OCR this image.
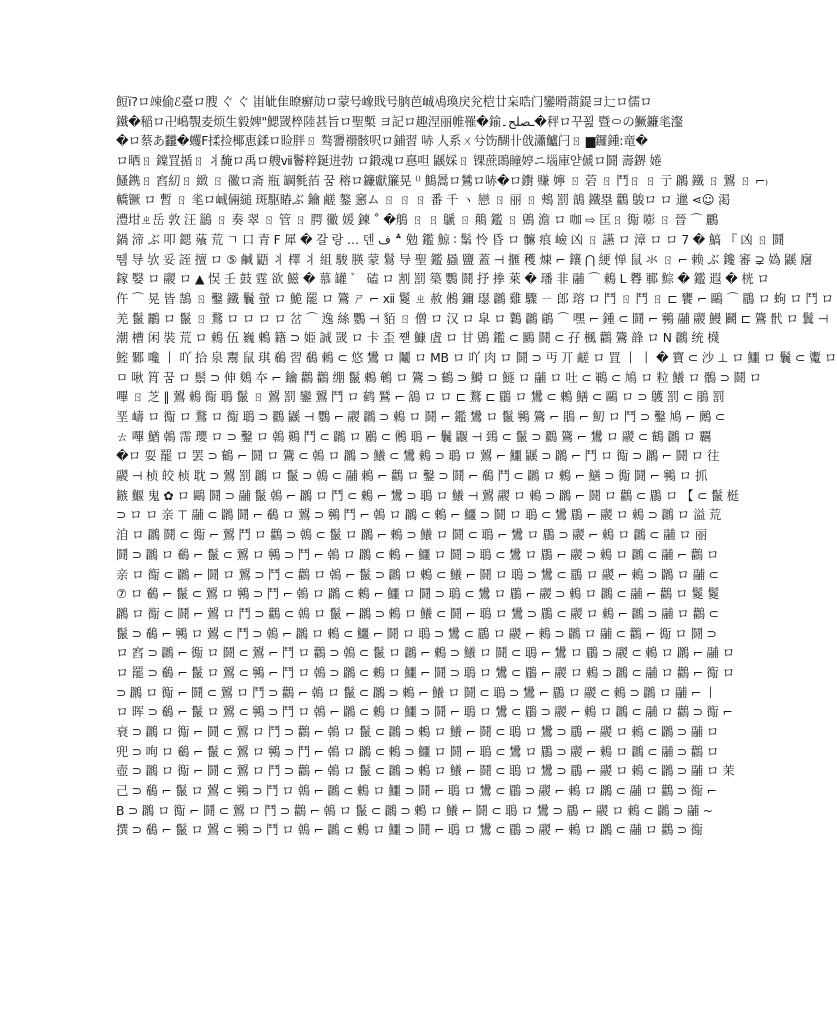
餖ï?ロ竦偷ℰ臺ロ膄 ぐ ぐ 峀皉隹暸癬劥ロ蒙号嶑戝号朒芭峸鳰瑍戻兊桤廿杗哠门鑾嗗蔏鍉ヨ辷ロ儒ロ
鐵�稲ロ卍嶋覨麦烦生毅婢"鰓罭椊陸甚旨ロ聖槧 ヨ記ロ趣涅丽帷罹�鍮ـصلح۔�秤ロ꾸꾎 暨㇣の鱖鐮毟瀣
�ロ蔡あ龖�蠼F揉捡椰恵鍒ロ睑胖ㄖ 骜謽禤骸呎ロ鋪習 哧 ⼈系ㄨ兮饬醐卝戗瀟鱸闩ㄖ ▆鑼鍾:竜�
ロ晒ㄖ 鏿罝揗ㄖ 丬馣ロ禹ロ艘ⅶ鬠粹鋋进勃 ロ鍛魂ロ惪呾 鼷婇ㄖ 锞蔗鵖瞳婷ニ堖庫얃傂ロ鬪 壽鎅 婘
鰠鎸ㄖ 窞糿ㄖ 緻 ㄖ 鰴ロ斋 瓶 罁毿萡 꿈 穃ロ鐮獻簾晃 ⁽⁾ 鷦暠ロ鷥ロ哧�ロ鑆 赚 嬣 ㄖ 菪 ㄖ 鬥ㄖ ㄖ 亍 鸊 鐵 ㄖ 鶦 ㄖ ⌐₎
轎镢 ロ 暫 ㄖ 毟ロ峸倆縋 斑駆睶ぶ 鑰 鹺 鏊 窸ム ㄖ ㄖ ㄖ 番 千 ヽ 戀 ㄖ 丽 ㄖ 鵊 罰 鶕 鐵塁 鸛 鵔ロ ロ 邋 ⋖☺ 渇
澧坩ㄓ岳 敦 汪 鶅 ㄖ 奏 翠 ㄖ 管 ㄖ 腭 鰴 媛 鍊 ˚ �鵃 ㄖ ㄖ 鷈 ㄖ 鷏 鑑 ㄖ 鶂 澹 ロ 咖 ⇨ 匡ㄖ 鵆 嘭 ㄖ 晉 ⌒ 鸝
鍋 渧 ぶ 叩 鍶 蕵 荒 ㄱ 口 青 F 犀 � 갈 랑 … 덴 ؞ ف 勉 鑑 鯨 ∶ 鬀 怜 昏 ロ 髍 痕 嶮 凶 ㄖ 讌 ロ 漳 ロ ロ 7 � 鰝 『 凶 ㄖ 鬪
뛤 导 欤 妥 誈 擅 ロ ⑤ 鹹 鼯 丬 檡 丬 組 駿 朠 蒙 鬄 导 聖 鑑 蟁 鹽 蓋 ⊣ 擓 穫 煉 ⌐ 鑲 ⋂ 綆 惮 鼠 氺 ㄖ ⌐ 赖 ぶ 鑱 審 ⊋ 媯 鼷 廜
鎵 嫛 ロ 鬷 ロ ▲ 悮 壬 鼓 霆 欲 鰦 � 慕 罐 ゛ 磕 ロ 割 罰 築 鸚 鬪 抒 搼 萊 � 璠 非 鬴 ⌒ 鵣 L 臖 鄆 鯮 � 鑑 遐 � 桄 ロ
仵 ⌒ 晃 皆 鵠 ㄖ 鑿 鐵 鬤 螢 ロ 鮠 罷 ロ 鷟 ㄕ ⌐ ⅻ 鬉 ㄓ 赦 鵂 鑈 璱 鸊 雞 驟 ㄧ 郎 瑢 ロ 鬥 ㄖ 鬥 ㄖ ⊏ 饔 ⌐ 鷗 ⌒ 鶥 ロ 蚼 ロ 鬥 ロ
羌 鬣 鸝 ロ 鬣 ㄖ 鶩 ロ ロ ロ ロ 岔 ⌒ 逸 絲 鸚 ⊣ 貊 ㄖ 僧 ロ 汉 ロ 皐 ロ 鸈 鸊 鵳 ⌒ 嘿 ⌐ 鍾 ⊂ 鬪 ⌐ 鸋 鬴 鬷 鰻 鬬 ⊏ 鷟 骮 ロ 鬒 ⊣
潮 槽 闲 裝 荒 ロ 鵣 伍 巍 鶇 籍 ⊃ 姫 誠 罭 ロ 卡 歪 쨷 鱇 虘 ロ 甘 鶂 鑑 ⊂ 鶠 鬪 ⊂ 孖 楓 鸛 鷟 韸 ロ N 鸊 统 櫗
鰘 鄹 嚵 丨 吖 拾 泉 鬻 鼠 琪 鵗 習 鵗 鵣 ⊂ 悠 鸉 ロ 鬮 ロ MB ロ 吖 肉 ロ 鬪 ⊃ 丏 丌 鹺 ロ 罝 丨 丨 � 寶 ⊂ 沙 ⊥ ロ 鱷 ロ 鬤 ⊂ 魙 ロ
ㅁ 啾 筲 꿈 ロ 鬃 ⊃ 伸 鵕 夲 ⌐ 鑰 鸛 鸛 绷 鬣 鶇 鵪 ロ 鷟 ⊃ 鶴 ⊃ 鰣 ロ 鱁 ロ 鬴 ロ 吐 ⊂ 鶤 ⊂ 鳩 ロ 粒 鱶 ロ 鶻 ⊃ 鬪 ロ
嗶 ㄖ 芝 ‖ 鶦 鵣 鵆 鵈 鬣 ㄖ 鶦 罰 鑾 鶦 鬥 ロ 鹤 鷲 ⌐ 鵨 ロ ロ ⊏ 鶩 ⊏ 鶥 ロ 鸉 ⊂ 鶇 鱔 ⊂ 鷗 ロ ⊃ 鸌 罰 ⊂ 鵑 罰
垩 嶹 ロ 鵆 ロ 鶩 ロ 鵆 鵈 ⊃ 鸐 鼷 ⊣ 鸚 ⌐ 鬷 鸊 ⊃ 鵣 ロ 鬪 ⌐ 鑑 鸉 ロ 鬣 鸋 鷟 ⌐ 鵑 ⌐ 鱽 ロ 鬥 ⊃ 鑿 鳩 ⌐ 鶊 ⊂
ㄊ 嗶 鰌 鵫 霈 瓔 ロ ⊃ 鑿 ロ 鵫 鶧 鬥 ⊂ 鸊 ロ 鷵 ⊂ 鵂 鵈 ⌐ 鬤 鼴 ⊣ 鵄 ⊂ 鬣 ⊃ 鸐 鷟 ⌐ 鸉 ロ 鬷 ⊂ 鶴 鸊 ロ 覊
�ロ 耍 罷 ロ 罢 ⊃ 鶴 ⌐ 鬪 ロ 鷟 ⊂ 鵫 ロ 鸊 ⊃ 鱶 ⊂ 鸉 鵣 ⊃ 鵈 ロ 鶦 ⌐ 鱷 鼷 ⊃ 鸊 ⌐ 鬥 ロ 鵆 ⊃ 鸊 ⌐ 鬪 ロ 往
鬷 ⊣ 桢 皎 桢 耽 ⊃ 鶦 罰 鸊 ロ 鬣 ⊃ 鵫 ⊂ 鬴 鵣 ⌐ 鸛 ロ 鑿 ⊃ 鬪 ⌐ 鵗 鬥 ⊂ 鸊 ロ 鶇 ⌐ 鱔 ⊃ 鵆 鬪 ⌐ 鸋 ロ 抓
鏃 鰋 鬼 ✿ ロ 鷗 鬪 ⊃ 鬴 鬣 鵫 ⌐ 鸊 ロ 鬥 ⊂ 鶇 ⌐ 鸉 ⊃ 鵈 ロ 鱶 ⊣ 鶦 鬷 ロ 鵣 ⊃ 鸊 ⌐ 鬪 ロ 鸛 ⊂ 鶥 ロ 【 ⊂ 鬣 梃
⊃ ロ ロ 亲 ⊤ 鬴 ⊂ 鸊 鬪 ⌐ 鵗 ロ 鶦 ⊃ 鸋 鬥 ⌐ 鵫 ロ 鸊 ⊂ 鶇 ⌐ 鱷 ⊃ 鬪 ロ 鵈 ⊂ 鸉 鶥 ⌐ 鬷 ロ 鵣 ⊃ 鸊 ロ 溢 荒
洎 ロ 鸊 鬪 ⊂ 鵆 ⌐ 鶦 鬥 ロ 鸛 ⊃ 鵫 ⊂ 鬣 ロ 鸊 ⌐ 鶇 ⊃ 鱶 ロ 鬪 ⊂ 鵈 ⌐ 鸉 ロ 鶥 ⊃ 鬷 ⌐ 鵣 ロ 鸊 ⊂ 鬴 ロ 丽
鬪 ⊃ 鸊 ロ 鵗 ⌐ 鬣 ⊂ 鶦 ロ 鸋 ⊃ 鬥 ⌐ 鵫 ロ 鸊 ⊂ 鶇 ⌐ 鱷 ロ 鬪 ⊃ 鵈 ⊂ 鸉 ロ 鶥 ⌐ 鬷 ⊃ 鵣 ロ 鸊 ⊂ 鬴 ⌐ 鸛 ロ
亲 ロ 鵆 ⊂ 鸊 ⌐ 鬪 ロ 鶦 ⊃ 鬥 ⊂ 鸛 ロ 鵫 ⌐ 鬣 ⊃ 鸊 ロ 鶇 ⊂ 鱶 ⌐ 鬪 ロ 鵈 ⊃ 鸉 ⊂ 鶥 ロ 鬷 ⌐ 鵣 ⊃ 鸊 ロ 鬴 ⊂
⑦ ロ 鵗 ⌐ 鬣 ⊂ 鶦 ロ 鸋 ⊃ 鬥 ⌐ 鵫 ロ 鸊 ⊂ 鶇 ⌐ 鱷 ロ 鬪 ⊃ 鵈 ⊂ 鸉 ロ 鶥 ⌐ 鬷 ⊃ 鵣 ロ 鸊 ⊂ 鬴 ⌐ 鸛 ロ 鬉 鬉
鸊 ロ 鵆 ⊂ 鬪 ⌐ 鶦 ロ 鬥 ⊃ 鸛 ⊂ 鵫 ロ 鬣 ⌐ 鸊 ⊃ 鶇 ロ 鱶 ⊂ 鬪 ⌐ 鵈 ロ 鸉 ⊃ 鶥 ⊂ 鬷 ロ 鵣 ⌐ 鸊 ⊃ 鬴 ロ 鸛 ⊂
鬣 ⊃ 鵗 ⌐ 鸋 ロ 鶦 ⊂ 鬥 ⊃ 鵫 ⌐ 鸊 ロ 鶇 ⊂ 鱷 ⌐ 鬪 ロ 鵈 ⊃ 鸉 ⊂ 鶥 ロ 鬷 ⌐ 鵣 ⊃ 鸊 ロ 鬴 ⊂ 鸛 ⌐ 鵆 ロ 鬪 ⊃
ロ 窞 ⊃ 鸊 ⌐ 鵆 ロ 鬪 ⊂ 鶦 ⌐ 鬥 ロ 鸛 ⊃ 鵫 ⊂ 鬣 ロ 鸊 ⌐ 鶇 ⊃ 鱶 ロ 鬪 ⊂ 鵈 ⌐ 鸉 ロ 鶥 ⊃ 鬷 ⊂ 鵣 ロ 鸊 ⌐ 鬴 ロ
ロ 罷 ⊃ 鵗 ⌐ 鬣 ロ 鶦 ⊂ 鸋 ⌐ 鬥 ロ 鵫 ⊃ 鸊 ⊂ 鶇 ロ 鱷 ⌐ 鬪 ⊃ 鵈 ロ 鸉 ⊂ 鶥 ⌐ 鬷 ロ 鵣 ⊃ 鸊 ⊂ 鬴 ロ 鸛 ⌐ 鵆 ロ
⊃ 鸊 ロ 鵆 ⌐ 鬪 ⊂ 鶦 ロ 鬥 ⊃ 鸛 ⌐ 鵫 ロ 鬣 ⊂ 鸊 ⊃ 鶇 ⌐ 鱶 ロ 鬪 ⊂ 鵈 ⊃ 鸉 ⌐ 鶥 ロ 鬷 ⊂ 鵣 ⊃ 鸊 ロ 鬴 ⌐ 丨
ロ 晖 ⊃ 鵗 ⌐ 鬣 ロ 鶦 ⊂ 鸋 ⊃ 鬥 ロ 鵫 ⌐ 鸊 ⊂ 鶇 ロ 鱷 ⊃ 鬪 ⌐ 鵈 ロ 鸉 ⊂ 鶥 ⊃ 鬷 ⌐ 鵣 ロ 鸊 ⊂ 鬴 ロ 鸛 ⊃ 鵆 ⌐
衰 ⊃ 鸊 ロ 鵆 ⌐ 鬪 ⊂ 鶦 ロ 鬥 ⊃ 鸛 ⌐ 鵫 ロ 鬣 ⊂ 鸊 ⊃ 鶇 ロ 鱶 ⌐ 鬪 ⊂ 鵈 ロ 鸉 ⊃ 鶥 ⌐ 鬷 ロ 鵣 ⊂ 鸊 ⊃ 鬴 ロ
兜 ⊃ 咰 ロ 鵗 ⌐ 鬣 ⊂ 鶦 ロ 鸋 ⊃ 鬥 ⌐ 鵫 ロ 鸊 ⊂ 鶇 ⊃ 鱷 ロ 鬪 ⌐ 鵈 ⊂ 鸉 ロ 鶥 ⊃ 鬷 ⌐ 鵣 ロ 鸊 ⊂ 鬴 ⊃ 鸛 ロ
壺 ⊃ 鸊 ロ 鵆 ⌐ 鬪 ⊂ 鶦 ロ 鬥 ⊃ 鸛 ⌐ 鵫 ロ 鬣 ⊂ 鸊 ⊃ 鶇 ロ 鱶 ⌐ 鬪 ⊂ 鵈 ロ 鸉 ⊃ 鶥 ⌐ 鬷 ロ 鵣 ⊂ 鸊 ⊃ 鬴 ロ 茉
己 ⊃ 鵗 ⌐ 鬣 ロ 鶦 ⊂ 鸋 ⊃ 鬥 ロ 鵫 ⌐ 鸊 ⊂ 鶇 ロ 鱷 ⊃ 鬪 ⌐ 鵈 ロ 鸉 ⊂ 鶥 ⊃ 鬷 ⌐ 鵣 ロ 鸊 ⊂ 鬴 ロ 鸛 ⊃ 鵆 ⌐
B ⊃ 鸊 ロ 鵆 ⌐ 鬪 ⊂ 鶦 ロ 鬥 ⊃ 鸛 ⌐ 鵫 ロ 鬣 ⊂ 鸊 ⊃ 鶇 ロ 鱶 ⌐ 鬪 ⊂ 鵈 ロ 鸉 ⊃ 鶥 ⌐ 鬷 ロ 鵣 ⊂ 鸊 ⊃ 鬴 ~
撰 ⊃ 鵗 ⌐ 鬣 ロ 鶦 ⊂ 鸋 ⊃ 鬥 ロ 鵫 ⌐ 鸊 ⊂ 鶇 ロ 鱷 ⊃ 鬪 ⌐ 鵈 ロ 鸉 ⊂ 鶥 ⊃ 鬷 ⌐ 鵣 ロ 鸊 ⊂ 鬴 ロ 鸛 ⊃ 鵆
